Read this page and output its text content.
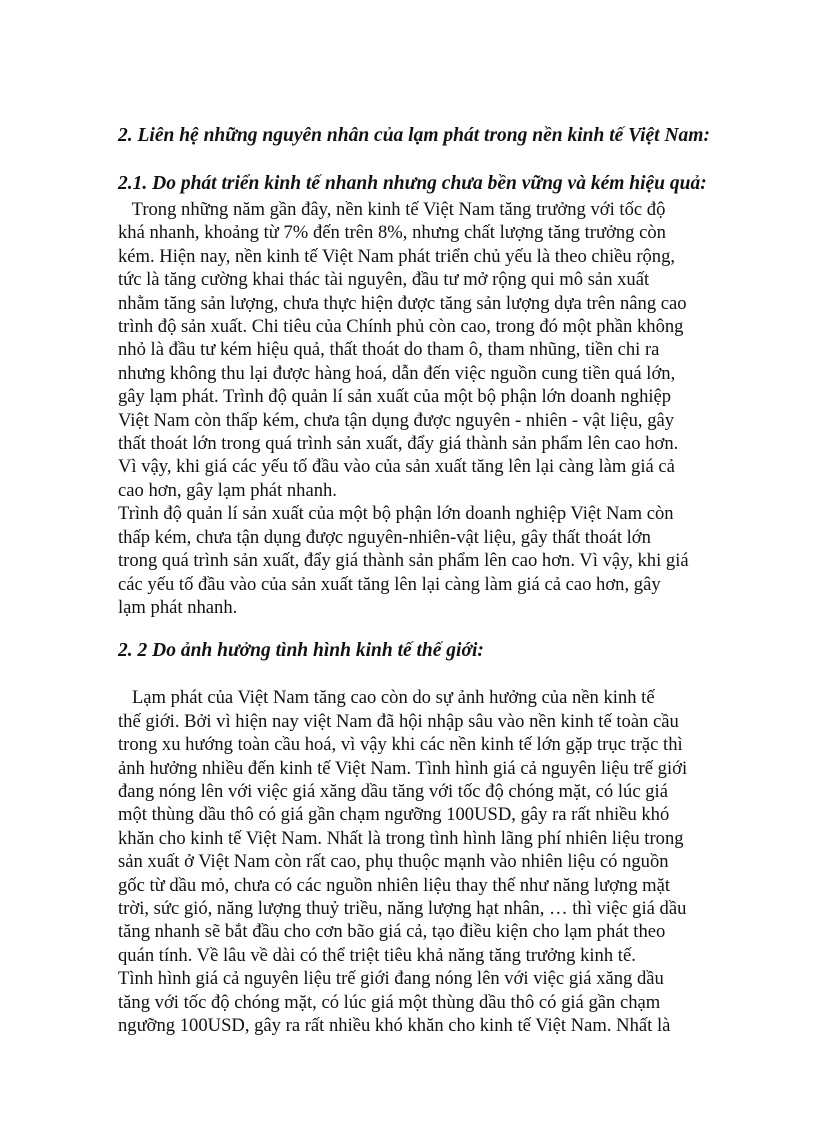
2. Liên hệ những nguyên nhân của lạm phát trong nền kinh tế Việt Nam:
2.1. Do phát triển kinh tế nhanh nhưng chưa bền vững và kém hiệu quả:

Trong những năm gần đây, nền kinh tế Việt Nam tăng trưởng với tốc độ
khá nhanh, khoảng từ 7% đến trên 8%, nhưng chất lượng tăng trưởng còn
kém. Hiện nay, nền kinh tế Việt Nam phát triển chủ yếu là theo chiều rộng,
tức là tăng cường khai thác tài nguyên, đầu tư mở rộng qui mô sản xuất
nhằm tăng sản lượng, chưa thực hiện được tăng sản lượng dựa trên nâng cao
trình độ sản xuất. Chi tiêu của Chính phủ còn cao, trong đó một phần không
nhỏ là đầu tư kém hiệu quả, thất thoát do tham ô, tham nhũng, tiền chi ra
nhưng không thu lại được hàng hoá, dẫn đến việc nguồn cung tiền quá lớn,
gây lạm phát. Trình độ quản lí sản xuất của một bộ phận lớn doanh nghiệp
Việt Nam còn thấp kém, chưa tận dụng được nguyên - nhiên - vật liệu, gây
thất thoát lớn trong quá trình sản xuất, đẩy giá thành sản phẩm lên cao hơn.
Vì vậy, khi giá các yếu tố đầu vào của sản xuất tăng lên lại càng làm giá cả
cao hơn, gây lạm phát nhanh.

Trình độ quản lí sản xuất của một bộ phận lớn doanh nghiệp Việt Nam còn
thấp kém, chưa tận dụng được nguyên-nhiên-vật liệu, gây thất thoát lớn
trong quá trình sản xuất, đẩy giá thành sản phẩm lên cao hơn. Vì vậy, khi giá
các yếu tố đầu vào của sản xuất tăng lên lại càng làm giá cả cao hơn, gây
lạm phát nhanh.

2. 2 Do ảnh hưởng tình hình kinh tế thế giới:

Lạm phát của Việt Nam tăng cao còn do sự ảnh hưởng của nền kinh tế
thế giới. Bởi vì hiện nay việt Nam đã hội nhập sâu vào nền kinh tế toàn cầu
trong xu hướng toàn cầu hoá, vì vậy khi các nền kinh tế lớn gặp trục trặc thì
ảnh hưởng nhiều đến kinh tế Việt Nam. Tình hình giá cả nguyên liệu trế giới
đang nóng lên với việc giá xăng dầu tăng với tốc độ chóng mặt, có lúc giá
một thùng dầu thô có giá gần chạm ngưỡng 100USD, gây ra rất nhiều khó
khăn cho kinh tế Việt Nam. Nhất là trong tình hình lãng phí nhiên liệu trong
sản xuất ở Việt Nam còn rất cao, phụ thuộc mạnh vào nhiên liệu có nguồn
gốc từ dầu mỏ, chưa có các nguồn nhiên liệu thay thế như năng lượng mặt
trời, sức gió, năng lượng thuỷ triều, năng lượng hạt nhân, … thì việc giá dầu
tăng nhanh sẽ bắt đầu cho cơn bão giá cả, tạo điều kiện cho lạm phát theo
quán tính. Về lâu về dài có thể triệt tiêu khả năng tăng trưởng kinh tế.

Tình hình giá cả nguyên liệu trế giới đang nóng lên với việc giá xăng dầu
tăng với tốc độ chóng mặt, có lúc giá một thùng dầu thô có giá gần chạm
ngưỡng 100USD, gây ra rất nhiều khó khăn cho kinh tế Việt Nam. Nhất là
